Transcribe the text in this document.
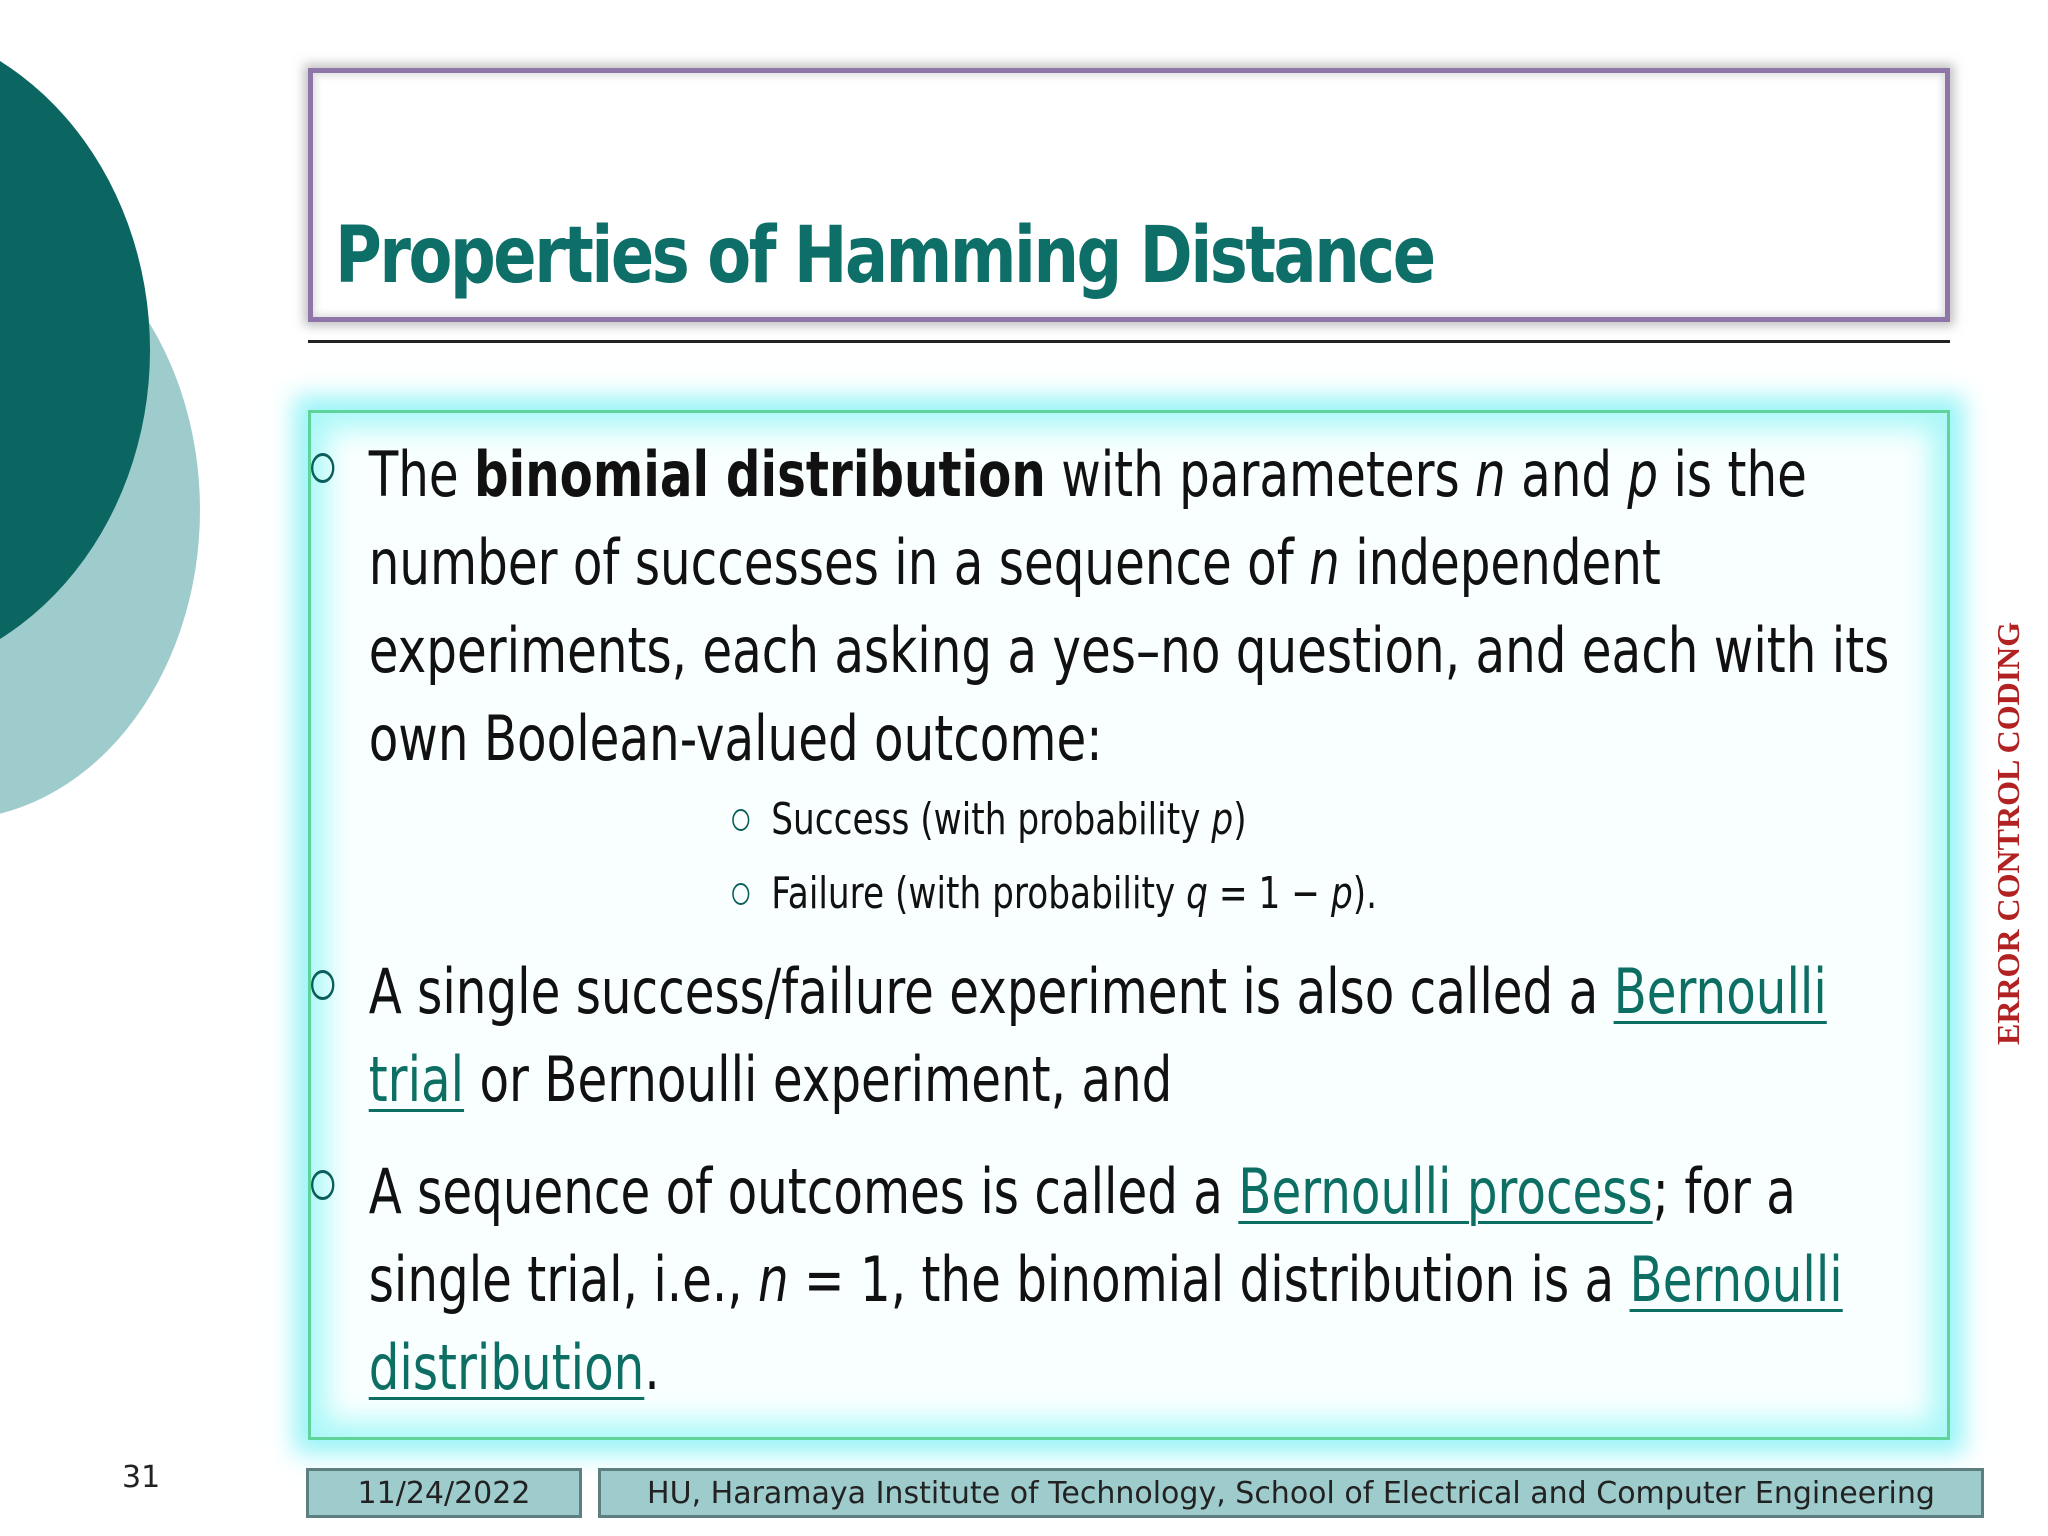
Properties of Hamming Distance
The binomial distribution with parameters n and p is the
number of successes in a sequence of n independent
experiments, each asking a yes–no question, and each with its
own Boolean-valued outcome:
Success (with probability p)
Failure (with probability q = 1 − p).
A single success/failure experiment is also called a Bernoulli
trial or Bernoulli experiment, and
A sequence of outcomes is called a Bernoulli process; for a
single trial, i.e., n = 1, the binomial distribution is a Bernoulli
distribution.
ERROR CONTROL CODING
31	11/24/2022	HU, Haramaya Institute of Technology, School of Electrical and Computer Engineering
